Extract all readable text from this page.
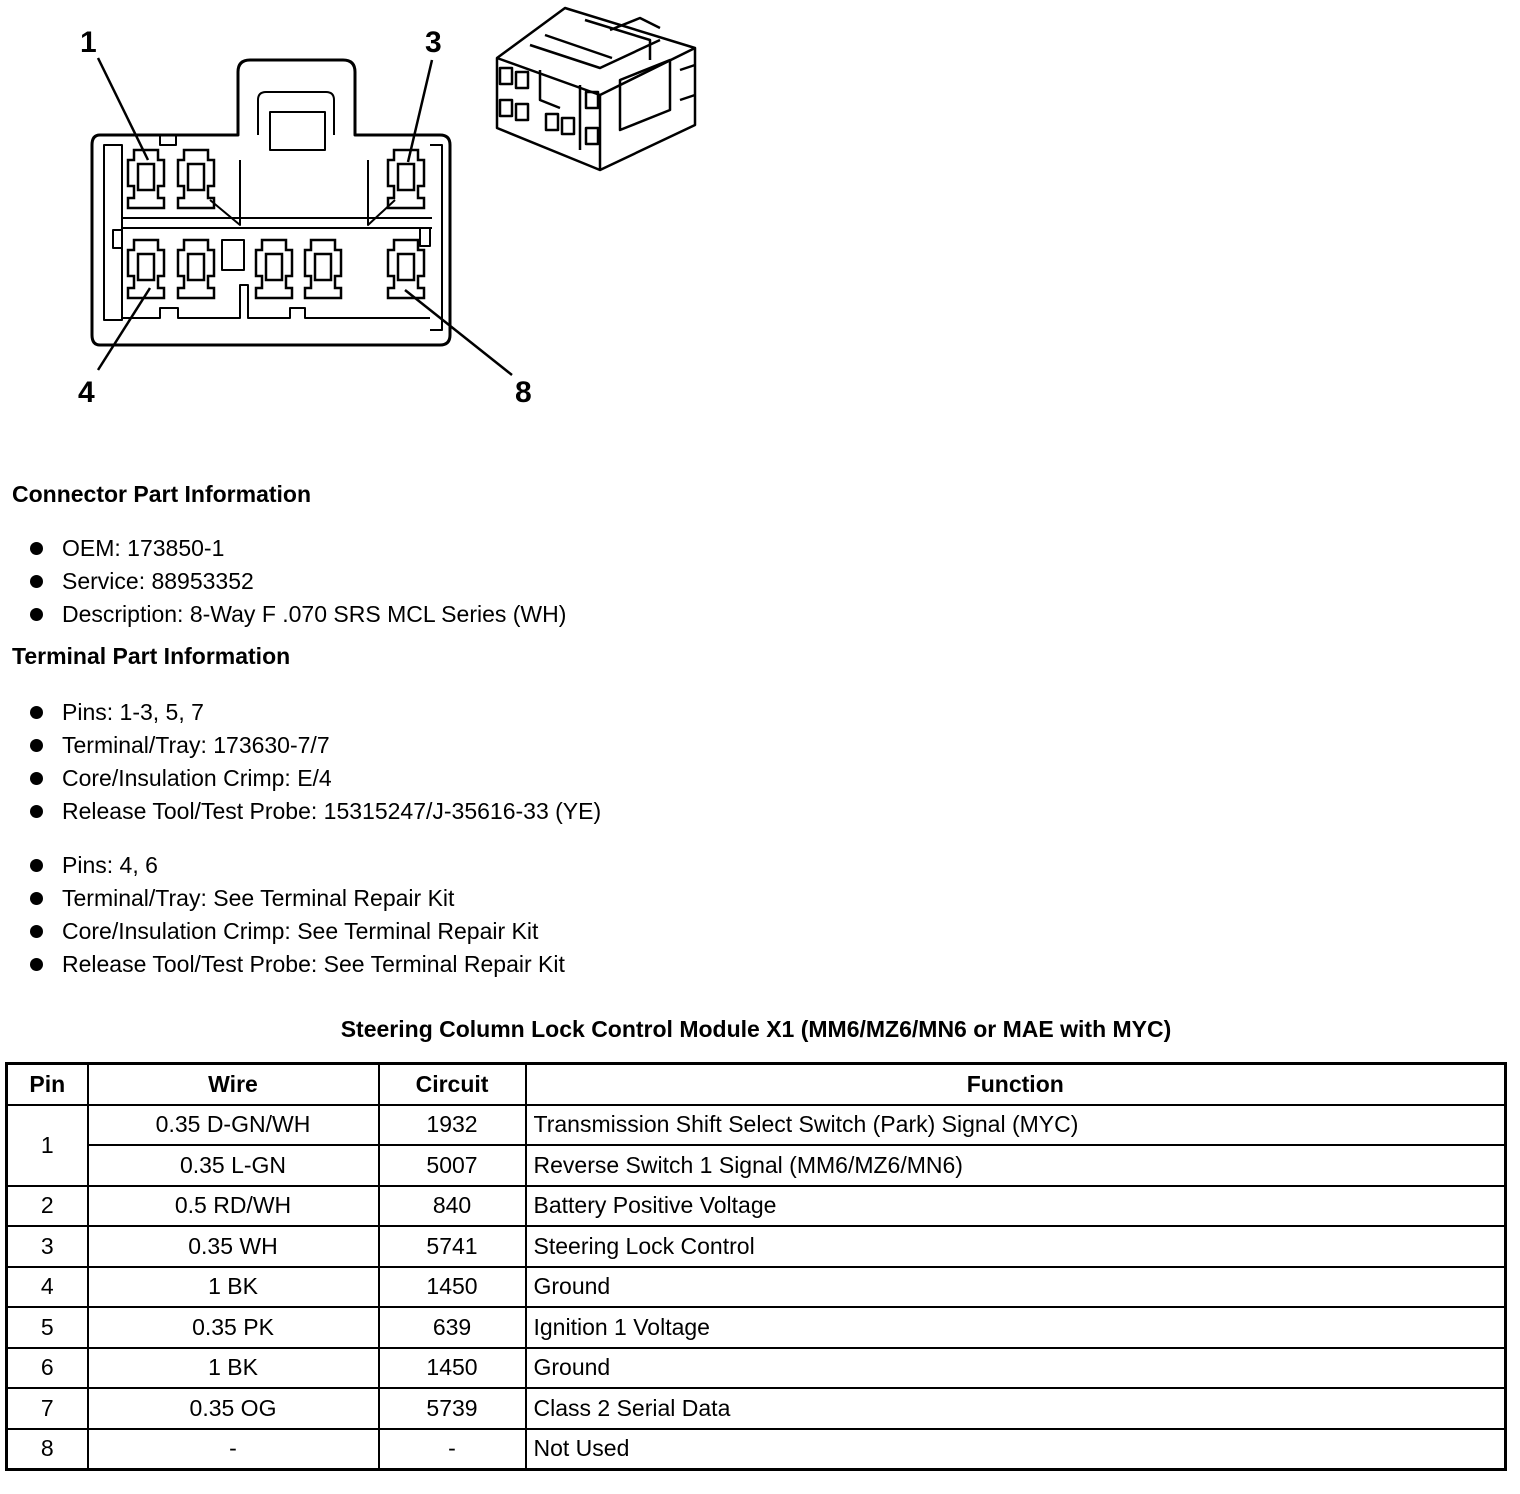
1	3
4	8
Connector Part Information
OEM: 173850-1
Service: 88953352
Description: 8-Way F .070 SRS MCL Series (WH)
Terminal Part Information
Pins: 1-3, 5, 7
Terminal/Tray: 173630-7/7
Core/Insulation Crimp: E/4
Release Tool/Test Probe: 15315247/J-35616-33 (YE)
Pins: 4, 6
Terminal/Tray: See Terminal Repair Kit
Core/Insulation Crimp: See Terminal Repair Kit
Release Tool/Test Probe: See Terminal Repair Kit
Steering Column Lock Control Module X1 (MM6/MZ6/MN6 or MAE with MYC)
Pin	Wire	Circuit	Function
1	0.35 D-GN/WH	1932	Transmission Shift Select Switch (Park) Signal (MYC)
	0.35 L-GN	5007	Reverse Switch 1 Signal (MM6/MZ6/MN6)
2	0.5 RD/WH	840	Battery Positive Voltage
3	0.35 WH	5741	Steering Lock Control
4	1 BK	1450	Ground
5	0.35 PK	639	Ignition 1 Voltage
6	1 BK	1450	Ground
7	0.35 OG	5739	Class 2 Serial Data
8	-	-	Not Used
